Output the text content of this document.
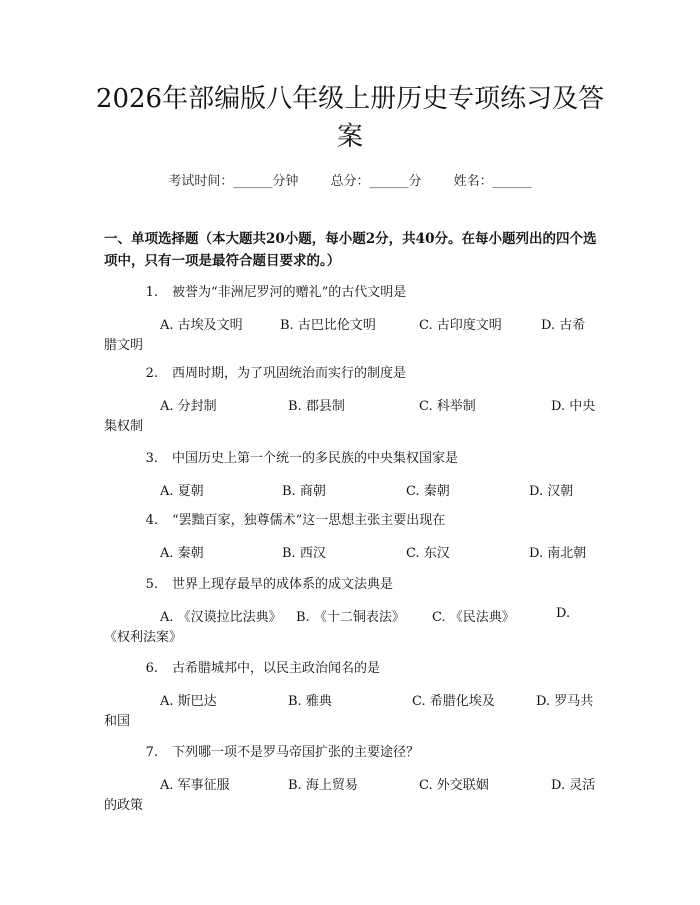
2026年部编版八年级上册历史专项练习及答
案
考试时间：______分钟 总分：______分 姓名：______

一、单项选择题（本大题共20小题，每小题2分，共40分。在每小题列出的四个选项中，只有一项是最符合题目要求的。）

1. 被誉为“非洲尼罗河的赠礼”的古代文明是
A. 古埃及文明	B. 古巴比伦文明	C. 古印度文明	D. 古希
腊文明
2. 西周时期，为了巩固统治而实行的制度是
A. 分封制	B. 郡县制	C. 科举制	D. 中央
集权制
3. 中国历史上第一个统一的多民族的中央集权国家是
A. 夏朝	B. 商朝	C. 秦朝	D. 汉朝
4. “罢黜百家，独尊儒术”这一思想主张主要出现在
A. 秦朝	B. 西汉	C. 东汉	D. 南北朝
5. 世界上现存最早的成体系的成文法典是
A. 《汉谟拉比法典》 B. 《十二铜表法》 C. 《民法典》	D.
《权利法案》
6. 古希腊城邦中，以民主政治闻名的是
A. 斯巴达	B. 雅典	C. 希腊化埃及	D. 罗马共
和国
7. 下列哪一项不是罗马帝国扩张的主要途径？
A. 军事征服	B. 海上贸易	C. 外交联姻	D. 灵活
的政策
